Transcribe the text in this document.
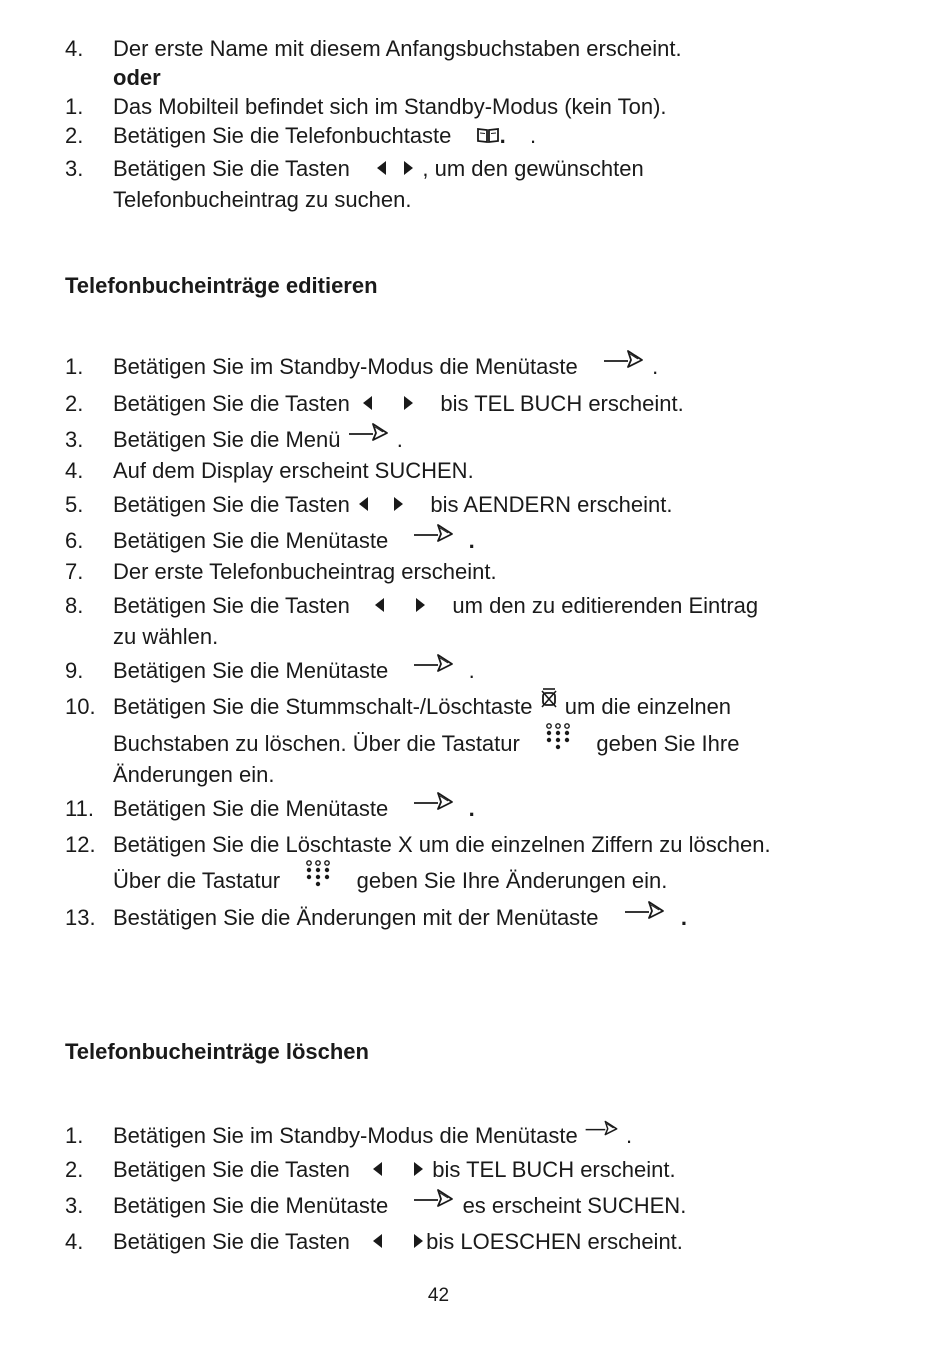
4. Der erste Name mit diesem Anfangsbuchstaben erscheint.
oder
1. Das Mobilteil befindet sich im Standby-Modus (kein Ton).
2. Betätigen Sie die Telefonbuchtaste . .
3. Betätigen Sie die Tasten	, um den gewünschten
Telefonbucheintrag zu suchen.
Telefonbucheinträge editieren
1. Betätigen Sie im Standby-Modus die Menütaste	.
2. Betätigen Sie die Tasten	bis TEL BUCH erscheint.
3. Betätigen Sie die Menü	.
4. Auf dem Display erscheint SUCHEN.
5. Betätigen Sie die Tasten	bis AENDERN erscheint.
6. Betätigen Sie die Menütaste	.
7. Der erste Telefonbucheintrag erscheint.
8. Betätigen Sie die Tasten	um den zu editierenden Eintrag
zu wählen.
9. Betätigen Sie die Menütaste	.
10. Betätigen Sie die Stummschalt-/Löschtaste um die einzelnen
Buchstaben zu löschen. Über die Tastatur	geben Sie Ihre
Änderungen ein.
11. Betätigen Sie die Menütaste	.
12. Betätigen Sie die Löschtaste X um die einzelnen Ziffern zu löschen.
Über die Tastatur	geben Sie Ihre Änderungen ein.
13. Bestätigen Sie die Änderungen mit der Menütaste	.
Telefonbucheinträge löschen
1. Betätigen Sie im Standby-Modus die Menütaste .
2. Betätigen Sie die Tasten	bis TEL BUCH erscheint.
3. Betätigen Sie die Menütaste	es erscheint SUCHEN.
4. Betätigen Sie die Tasten	bis LOESCHEN erscheint.
42
